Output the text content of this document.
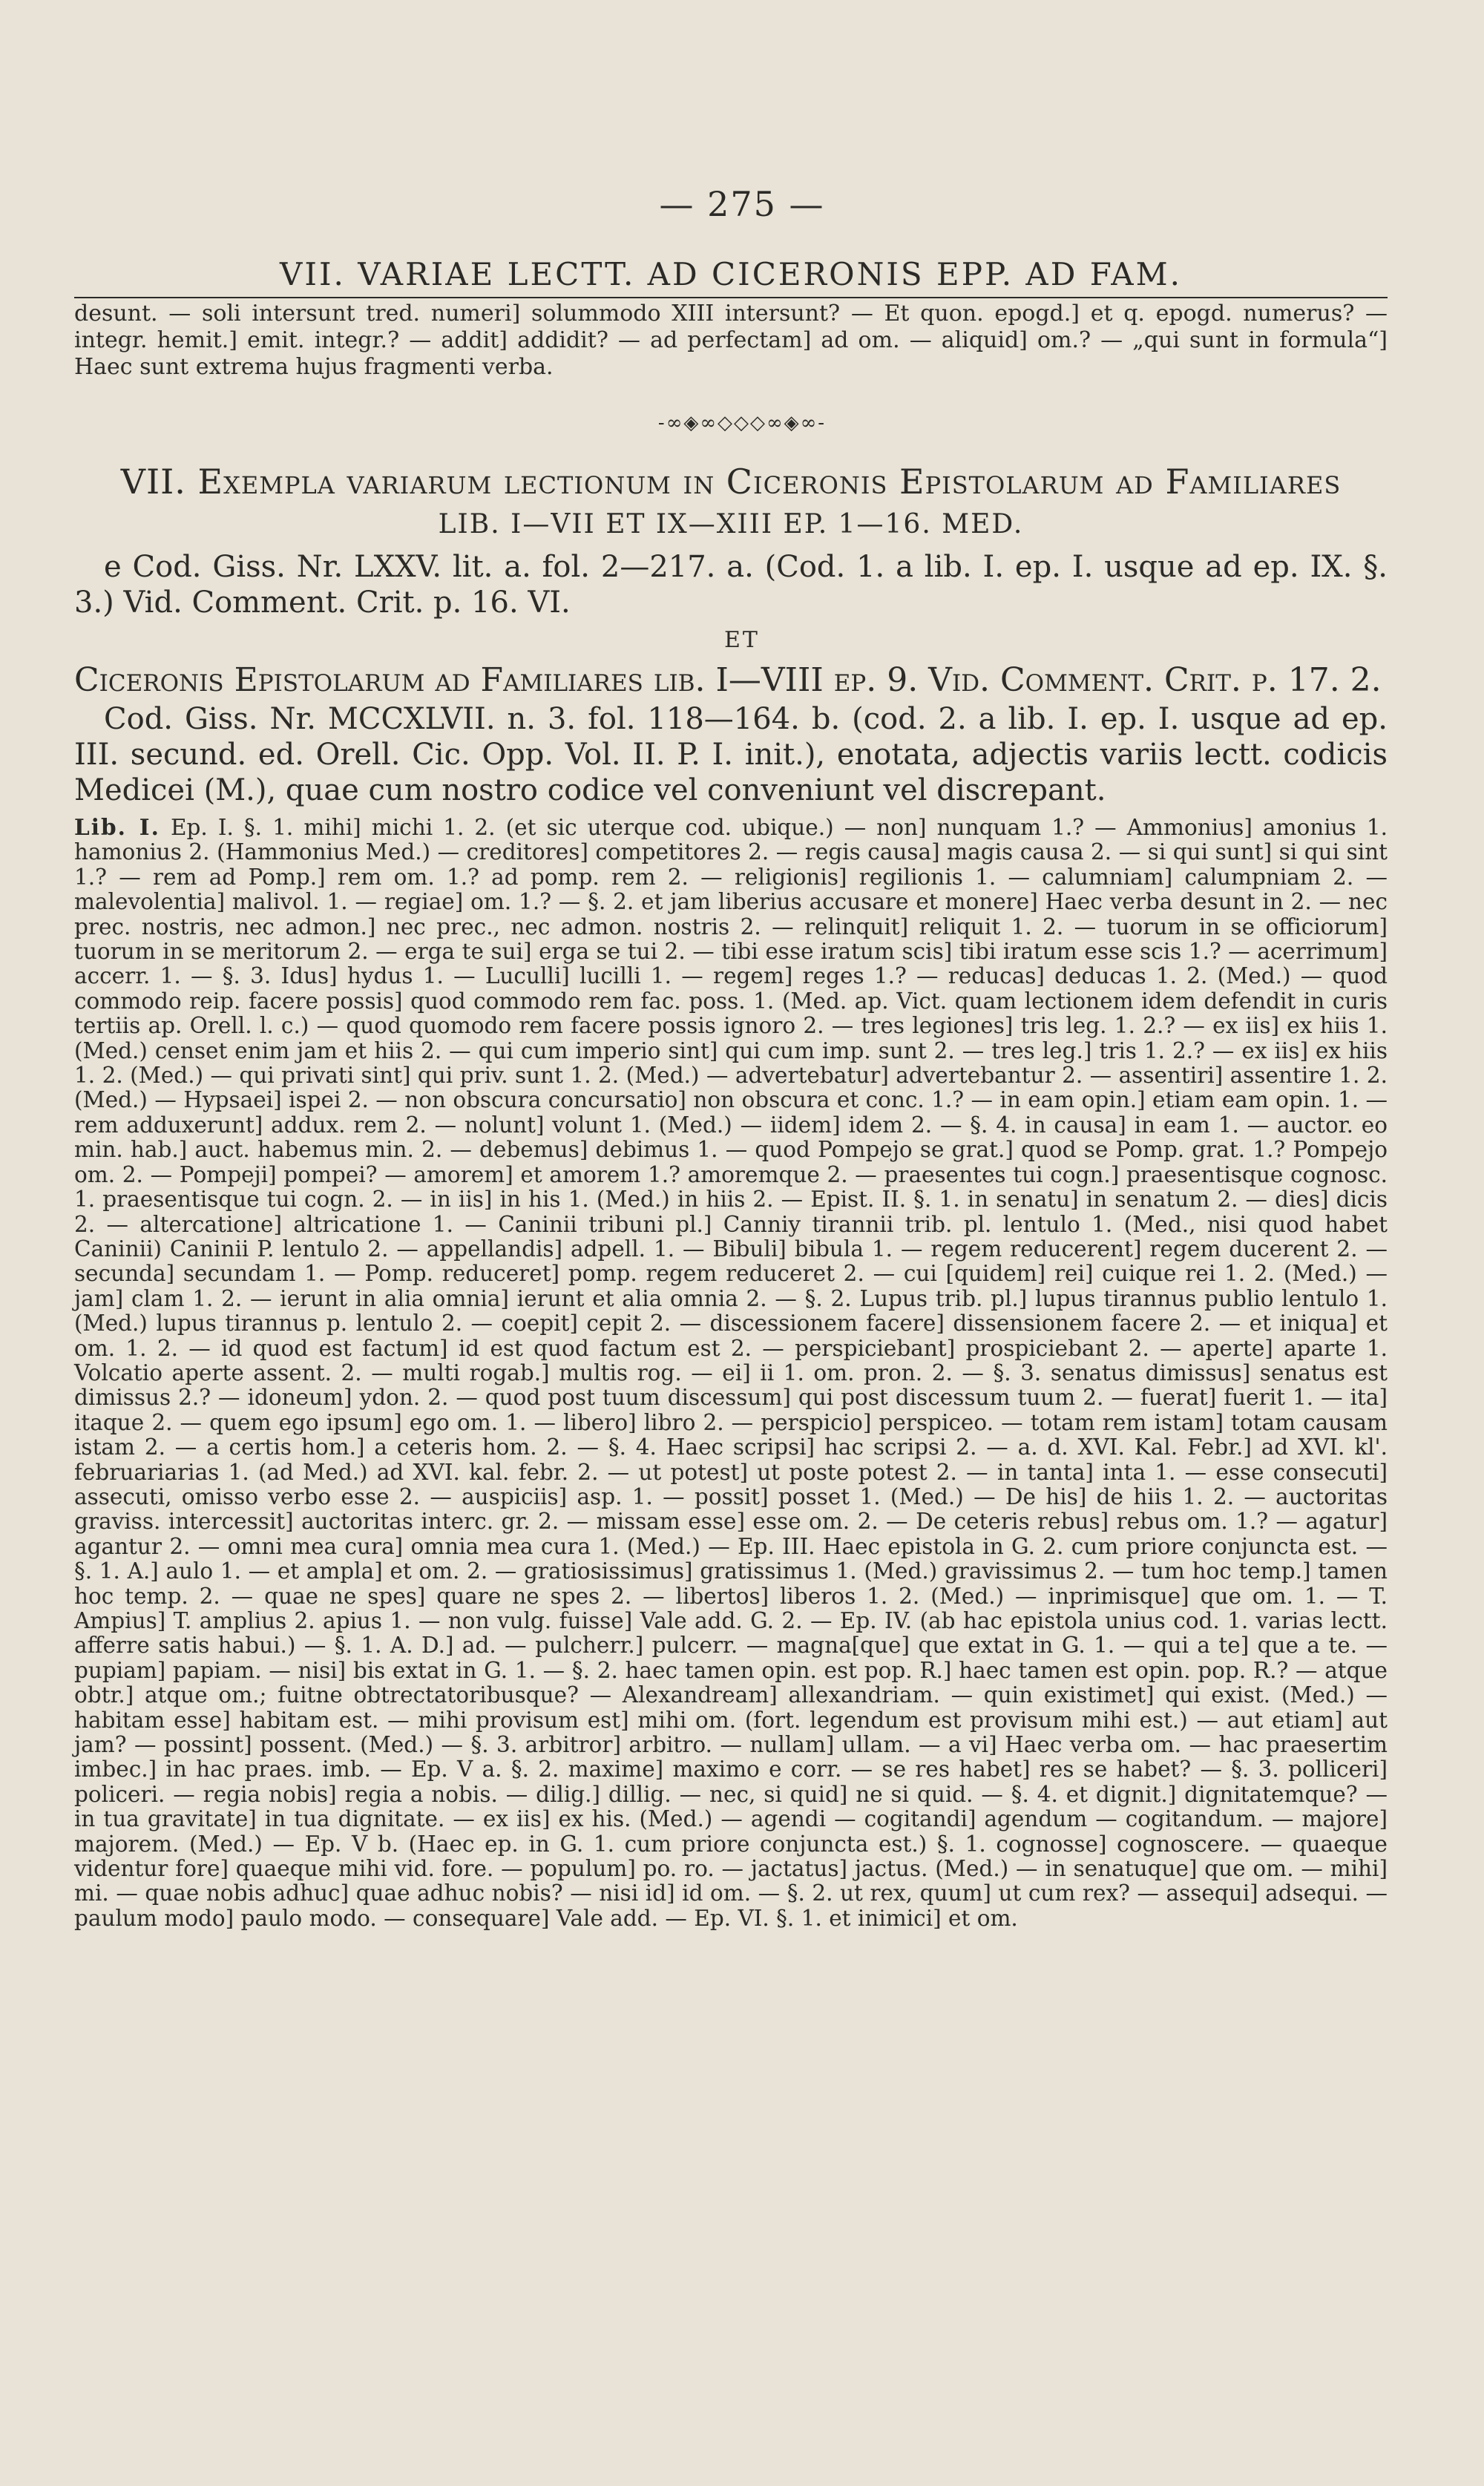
— 275 —
VII. VARIAE LECTT. AD CICERONIS EPP. AD FAM.

desunt. — soli intersunt tred. numeri] solummodo XIII intersunt? — Et quon. epogd.] et q. epogd. numerus? — integr. hemit.] emit. integr.? — addit] addidit? — ad perfectam] ad om. — aliquid] om.? — „qui sunt in formula“] Haec sunt extrema hujus fragmenti verba.

-∞◈∞◇◇◇∞◈∞-
VII. Exempla variarum lectionum in Ciceronis Epistolarum ad Familiares
LIB. I—VII ET IX—XIII EP. 1—16. MED.

e Cod. Giss. Nr. LXXV. lit. a. fol. 2—217. a. (Cod. 1. a lib. I. ep. I. usque ad ep. IX. §. 3.) Vid. Comment. Crit. p. 16. VI.

ET
Ciceronis Epistolarum ad Familiares lib. I—VIII ep. 9. Vid. Comment. Crit. p. 17. 2.

Cod. Giss. Nr. MCCXLVII. n. 3. fol. 118—164. b. (cod. 2. a lib. I. ep. I. usque ad ep. III. secund. ed. Orell. Cic. Opp. Vol. II. P. I. init.), enotata, adjectis variis lectt. codicis Medicei (M.), quae cum nostro codice vel conveniunt vel discrepant.

Lib. I. Ep. I. §. 1. mihi] michi 1. 2. (et sic uterque cod. ubique.) — non] nunquam 1.? — Ammonius] amonius 1. hamonius 2. (Hammonius Med.) — creditores] competitores 2. — regis causa] magis causa 2. — si qui sunt] si qui sint 1.? — rem ad Pomp.] rem om. 1.? ad pomp. rem 2. — religionis] regilionis 1. — calumniam] calumpniam 2. — malevolentia] malivol. 1. — regiae] om. 1.? — §. 2. et jam liberius accusare et monere] Haec verba desunt in 2. — nec prec. nostris, nec admon.] nec prec., nec admon. nostris 2. — relinquit] reliquit 1. 2. — tuorum in se officiorum] tuorum in se meritorum 2. — erga te sui] erga se tui 2. — tibi esse iratum scis] tibi iratum esse scis 1.? — acerrimum] accerr. 1. — §. 3. Idus] hydus 1. — Luculli] lucilli 1. — regem] reges 1.? — reducas] deducas 1. 2. (Med.) — quod commodo reip. facere possis] quod commodo rem fac. poss. 1. (Med. ap. Vict. quam lectionem idem defendit in curis tertiis ap. Orell. l. c.) — quod quomodo rem facere possis ignoro 2. — tres legiones] tris leg. 1. 2.? — ex iis] ex hiis 1. (Med.) censet enim jam et hiis 2. — qui cum imperio sint] qui cum imp. sunt 2. — tres leg.] tris 1. 2.? — ex iis] ex hiis 1. 2. (Med.) — qui privati sint] qui priv. sunt 1. 2. (Med.) — advertebatur] advertebantur 2. — assentiri] assentire 1. 2. (Med.) — Hypsaei] ispei 2. — non obscura concursatio] non obscura et conc. 1.? — in eam opin.] etiam eam opin. 1. — rem adduxerunt] addux. rem 2. — nolunt] volunt 1. (Med.) — iidem] idem 2. — §. 4. in causa] in eam 1. — auctor. eo min. hab.] auct. habemus min. 2. — debemus] debimus 1. — quod Pompejo se grat.] quod se Pomp. grat. 1.? Pompejo om. 2. — Pompeji] pompei? — amorem] et amorem 1.? amoremque 2. — praesentes tui cogn.] praesentisque cognosc. 1. praesentisque tui cogn. 2. — in iis] in his 1. (Med.) in hiis 2. — Epist. II. §. 1. in senatu] in senatum 2. — dies] dicis 2. — altercatione] altricatione 1. — Caninii tribuni pl.] Canniy tirannii trib. pl. lentulo 1. (Med., nisi quod habet Caninii) Caninii P. lentulo 2. — appellandis] adpell. 1. — Bibuli] bibula 1. — regem reducerent] regem ducerent 2. — secunda] secundam 1. — Pomp. reduceret] pomp. regem reduceret 2. — cui [quidem] rei] cuique rei 1. 2. (Med.) — jam] clam 1. 2. — ierunt in alia omnia] ierunt et alia omnia 2. — §. 2. Lupus trib. pl.] lupus tirannus publio lentulo 1. (Med.) lupus tirannus p. lentulo 2. — coepit] cepit 2. — discessionem facere] dissensionem facere 2. — et iniqua] et om. 1. 2. — id quod est factum] id est quod factum est 2. — perspiciebant] prospiciebant 2. — aperte] aparte 1. Volcatio aperte assent. 2. — multi rogab.] multis rog. — ei] ii 1. om. pron. 2. — §. 3. senatus dimissus] senatus est dimissus 2.? — idoneum] ydon. 2. — quod post tuum discessum] qui post discessum tuum 2. — fuerat] fuerit 1. — ita] itaque 2. — quem ego ipsum] ego om. 1. — libero] libro 2. — perspicio] perspiceo. — totam rem istam] totam causam istam 2. — a certis hom.] a ceteris hom. 2. — §. 4. Haec scripsi] hac scripsi 2. — a. d. XVI. Kal. Febr.] ad XVI. kl'. februariarias 1. (ad Med.) ad XVI. kal. febr. 2. — ut potest] ut poste potest 2. — in tanta] inta 1. — esse consecuti] assecuti, omisso verbo esse 2. — auspiciis] asp. 1. — possit] posset 1. (Med.) — De his] de hiis 1. 2. — auctoritas graviss. intercessit] auctoritas interc. gr. 2. — missam esse] esse om. 2. — De ceteris rebus] rebus om. 1.? — agatur] agantur 2. — omni mea cura] omnia mea cura 1. (Med.) — Ep. III. Haec epistola in G. 2. cum priore conjuncta est. — §. 1. A.] aulo 1. — et ampla] et om. 2. — gratiosissimus] gratissimus 1. (Med.) gravissimus 2. — tum hoc temp.] tamen hoc temp. 2. — quae ne spes] quare ne spes 2. — libertos] liberos 1. 2. (Med.) — inprimisque] que om. 1. — T. Ampius] T. amplius 2. apius 1. — non vulg. fuisse] Vale add. G. 2. — Ep. IV. (ab hac epistola unius cod. 1. varias lectt. afferre satis habui.) — §. 1. A. D.] ad. — pulcherr.] pulcerr. — magna[que] que extat in G. 1. — qui a te] que a te. — pupiam] papiam. — nisi] bis extat in G. 1. — §. 2. haec tamen opin. est pop. R.] haec tamen est opin. pop. R.? — atque obtr.] atque om.; fuitne obtrectatoribusque? — Alexandream] allexandriam. — quin existimet] qui exist. (Med.) — habitam esse] habitam est. — mihi provisum est] mihi om. (fort. legendum est provisum mihi est.) — aut etiam] aut jam? — possint] possent. (Med.) — §. 3. arbitror] arbitro. — nullam] ullam. — a vi] Haec verba om. — hac praesertim imbec.] in hac praes. imb. — Ep. V a. §. 2. maxime] maximo e corr. — se res habet] res se habet? — §. 3. polliceri] policeri. — regia nobis] regia a nobis. — dilig.] dillig. — nec, si quid] ne si quid. — §. 4. et dignit.] dignitatemque? — in tua gravitate] in tua dignitate. — ex iis] ex his. (Med.) — agendi — cogitandi] agendum — cogitandum. — majore] majorem. (Med.) — Ep. V b. (Haec ep. in G. 1. cum priore conjuncta est.) §. 1. cognosse] cognoscere. — quaeque videntur fore] quaeque mihi vid. fore. — populum] po. ro. — jactatus] jactus. (Med.) — in senatuque] que om. — mihi] mi. — quae nobis adhuc] quae adhuc nobis? — nisi id] id om. — §. 2. ut rex, quum] ut cum rex? — assequi] adsequi. — paulum modo] paulo modo. — consequare] Vale add. — Ep. VI. §. 1. et inimici] et om.
